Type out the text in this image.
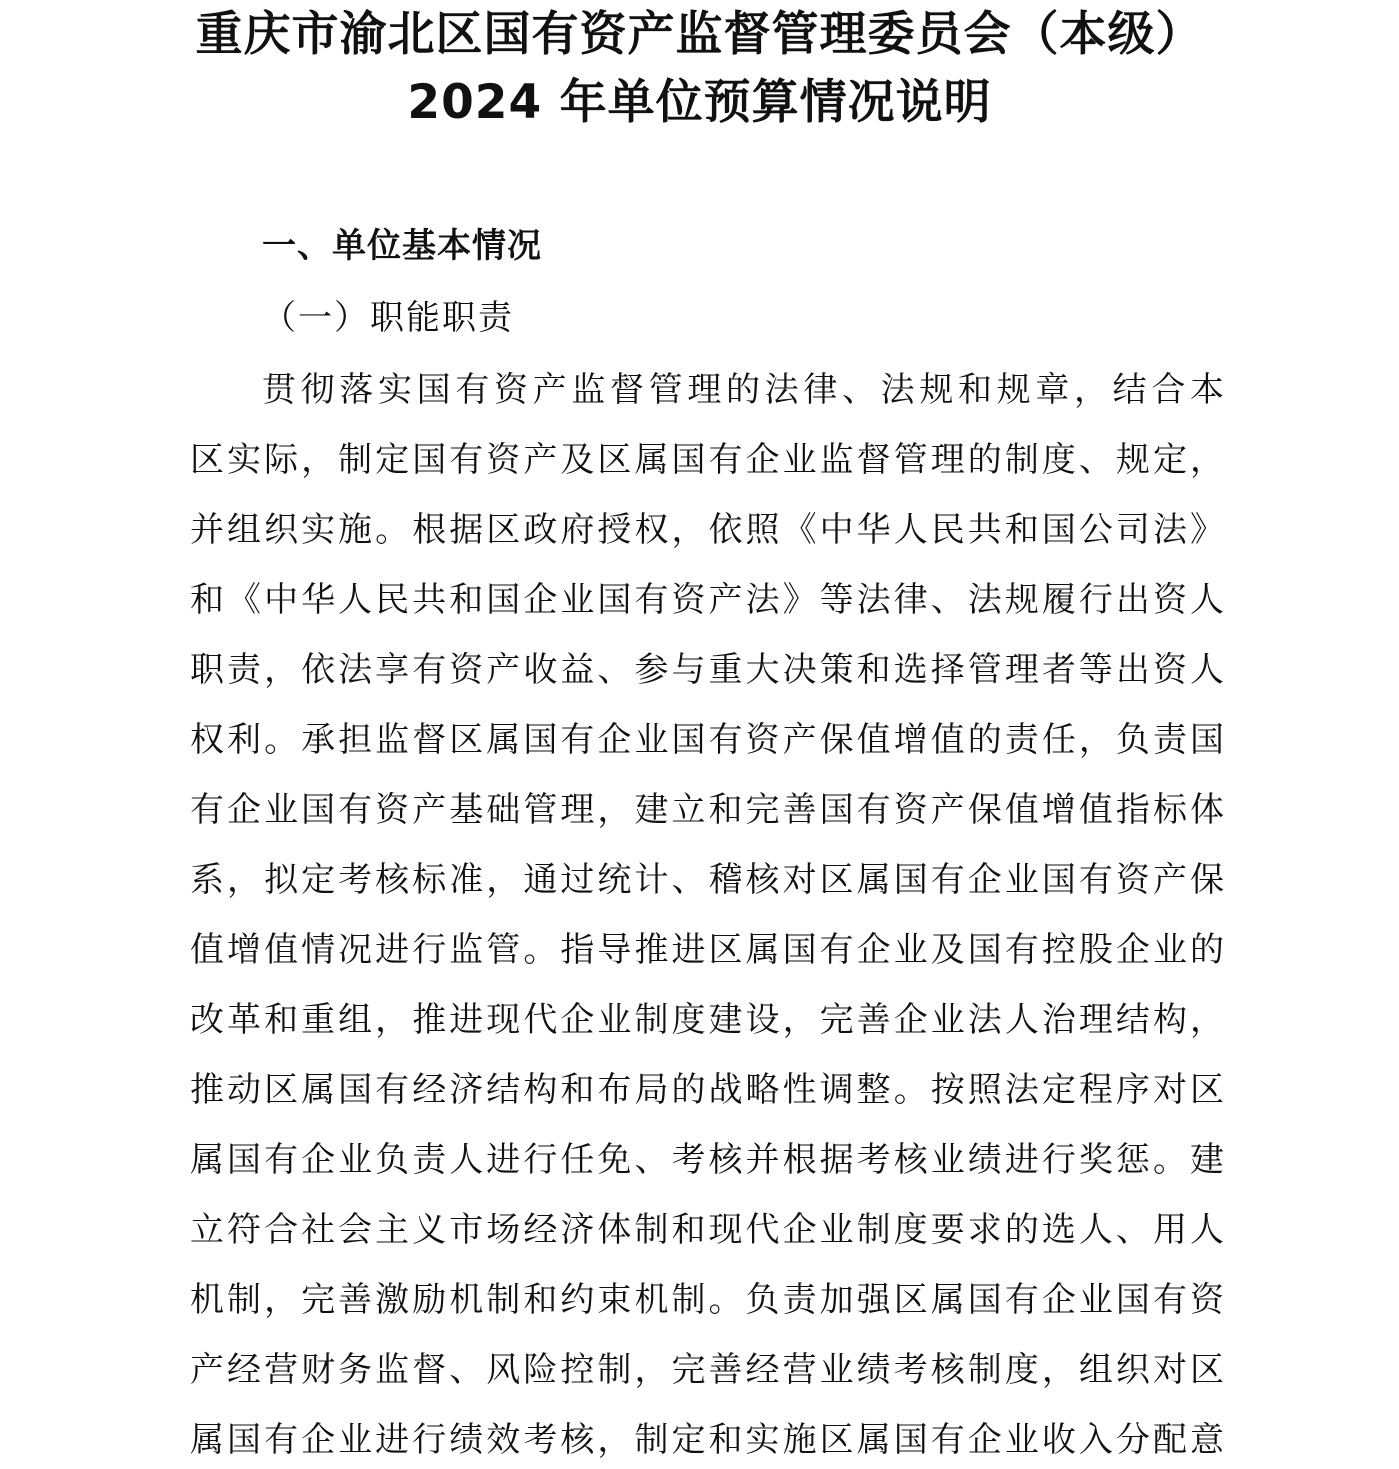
重庆市渝北区国有资产监督管理委员会（本级）
2024 年单位预算情况说明
一、单位基本情况
（一）职能职责
贯彻落实国有资产监督管理的法律、法规和规章，结合本
区实际，制定国有资产及区属国有企业监督管理的制度、规定，
并组织实施。根据区政府授权，依照《中华人民共和国公司法》
和《中华人民共和国企业国有资产法》等法律、法规履行出资人
职责，依法享有资产收益、参与重大决策和选择管理者等出资人
权利。承担监督区属国有企业国有资产保值增值的责任，负责国
有企业国有资产基础管理，建立和完善国有资产保值增值指标体
系，拟定考核标准，通过统计、稽核对区属国有企业国有资产保
值增值情况进行监管。指导推进区属国有企业及国有控股企业的
改革和重组，推进现代企业制度建设，完善企业法人治理结构，
推动区属国有经济结构和布局的战略性调整。按照法定程序对区
属国有企业负责人进行任免、考核并根据考核业绩进行奖惩。建
立符合社会主义市场经济体制和现代企业制度要求的选人、用人
机制，完善激励机制和约束机制。负责加强区属国有企业国有资
产经营财务监督、风险控制，完善经营业绩考核制度，组织对区
属国有企业进行绩效考核，制定和实施区属国有企业收入分配意
